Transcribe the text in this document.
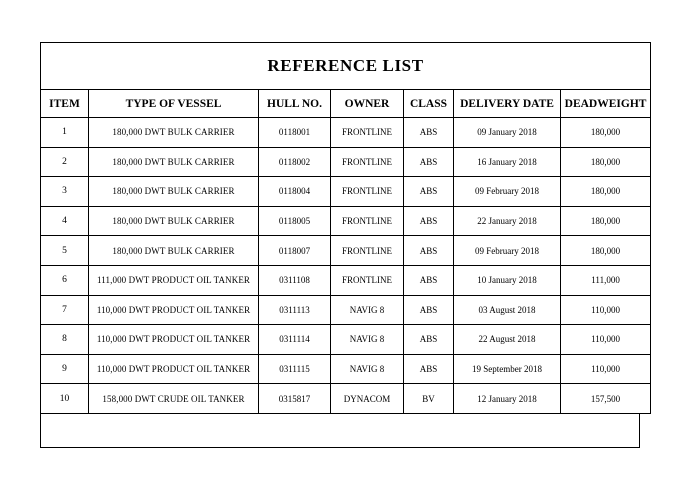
REFERENCE LIST						
ITEM	TYPE OF VESSEL	HULL NO.	OWNER	CLASS	DELIVERY DATE	DEADWEIGHT
1	180,000 DWT BULK CARRIER	0118001	FRONTLINE	ABS	09 January 2018	180,000
2	180,000 DWT BULK CARRIER	0118002	FRONTLINE	ABS	16 January 2018	180,000
3	180,000 DWT BULK CARRIER	0118004	FRONTLINE	ABS	09 February 2018	180,000
4	180,000 DWT BULK CARRIER	0118005	FRONTLINE	ABS	22 January 2018	180,000
5	180,000 DWT BULK CARRIER	0118007	FRONTLINE	ABS	09 February 2018	180,000
6	111,000 DWT PRODUCT OIL TANKER	0311108	FRONTLINE	ABS	10 January 2018	111,000
7	110,000 DWT PRODUCT OIL TANKER	0311113	NAVIG 8	ABS	03 August 2018	110,000
8	110,000 DWT PRODUCT OIL TANKER	0311114	NAVIG 8	ABS	22 August 2018	110,000
9	110,000 DWT PRODUCT OIL TANKER	0311115	NAVIG 8	ABS	19 September 2018	110,000
10	158,000 DWT CRUDE OIL TANKER	0315817	DYNACOM	BV	12 January 2018	157,500
